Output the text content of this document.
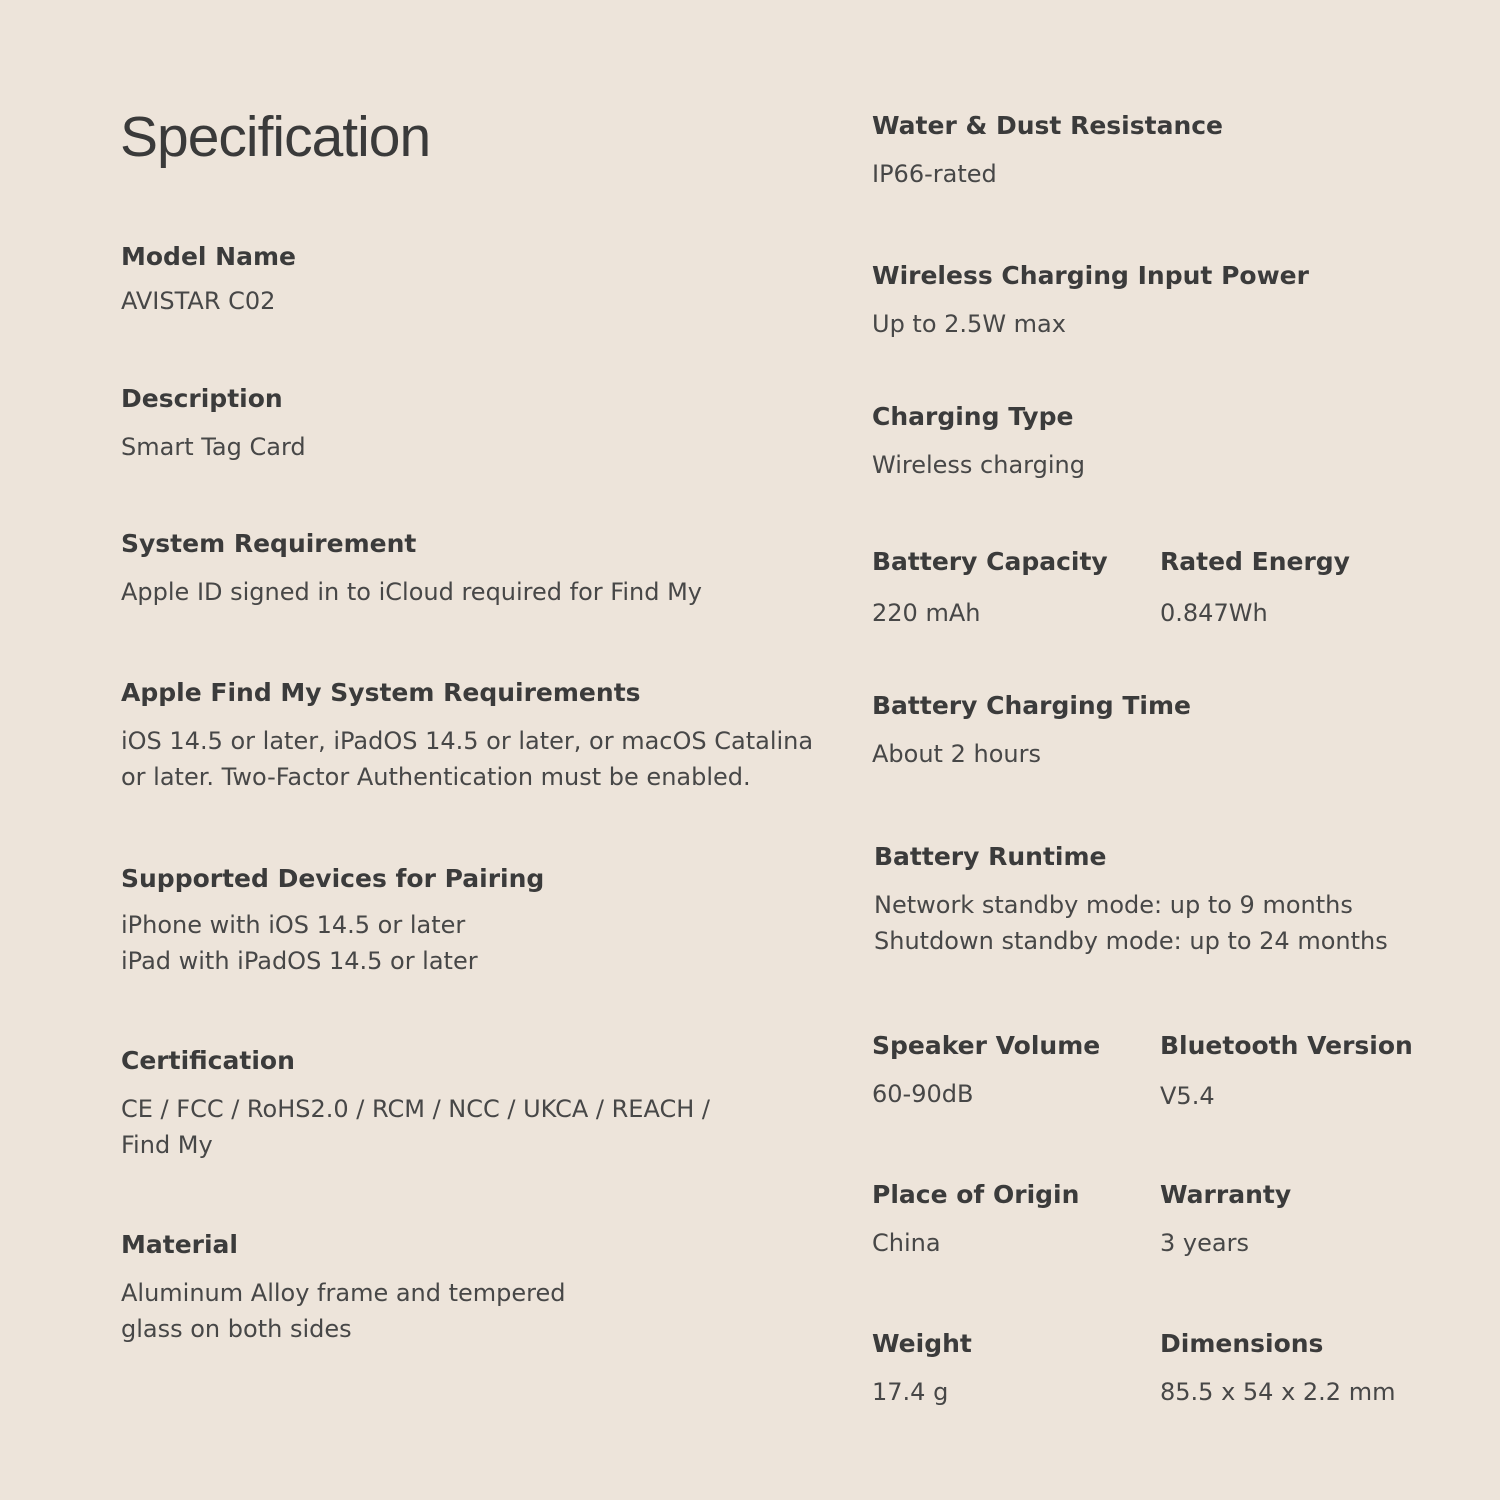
Specification
Model Name
AVISTAR C02
Description
Smart Tag Card
System Requirement
Apple ID signed in to iCloud required for Find My
Apple Find My System Requirements
iOS 14.5 or later, iPadOS 14.5 or later, or macOS Catalina
or later. Two-Factor Authentication must be enabled.
Supported Devices for Pairing
iPhone with iOS 14.5 or later
iPad with iPadOS 14.5 or later
Certification
CE / FCC / RoHS2.0 / RCM / NCC / UKCA / REACH /
Find My
Material
Aluminum Alloy frame and tempered
glass on both sides
Water & Dust Resistance
IP66-rated
Wireless Charging Input Power
Up to 2.5W max
Charging Type
Wireless charging
Battery Capacity
220 mAh
Rated Energy
0.847Wh
Battery Charging Time
About 2 hours
Battery Runtime
Network standby mode: up to 9 months
Shutdown standby mode: up to 24 months
Speaker Volume
60-90dB
Bluetooth Version
V5.4
Place of Origin
China
Warranty
3 years
Weight
17.4 g
Dimensions
85.5 x 54 x 2.2 mm
